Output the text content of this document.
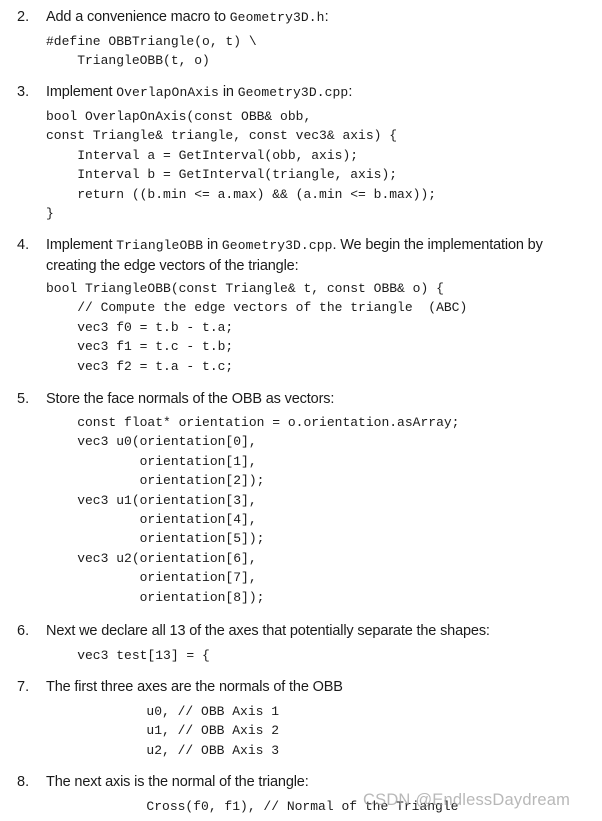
2. Add a convenience macro to Geometry3D.h:
#define OBBTriangle(o, t) \
TriangleOBB(t, o)
3. Implement OverlapOnAxis in Geometry3D.cpp:
bool OverlapOnAxis(const OBB& obb,
const Triangle& triangle, const vec3& axis) {
Interval a = GetInterval(obb, axis);
Interval b = GetInterval(triangle, axis);
return ((b.min <= a.max) && (a.min <= b.max));
}
4. Implement TriangleOBB in Geometry3D.cpp. We begin the implementation by
creating the edge vectors of the triangle:
bool TriangleOBB(const Triangle& t, const OBB& o) {
// Compute the edge vectors of the triangle  (ABC)
vec3 f0 = t.b - t.a;
vec3 f1 = t.c - t.b;
vec3 f2 = t.a - t.c;
5. Store the face normals of the OBB as vectors:
const float* orientation = o.orientation.asArray;
vec3 u0(orientation[0],
orientation[1],
orientation[2]);
vec3 u1(orientation[3],
orientation[4],
orientation[5]);
vec3 u2(orientation[6],
orientation[7],
orientation[8]);
6. Next we declare all 13 of the axes that potentially separate the shapes:
vec3 test[13] = {
7. The first three axes are the normals of the OBB
u0, // OBB Axis 1
u1, // OBB Axis 2
u2, // OBB Axis 3
8. The next axis is the normal of the triangle:
Cross(f0, f1), // Normal of the Triangle
CSDN @EndlessDaydream
